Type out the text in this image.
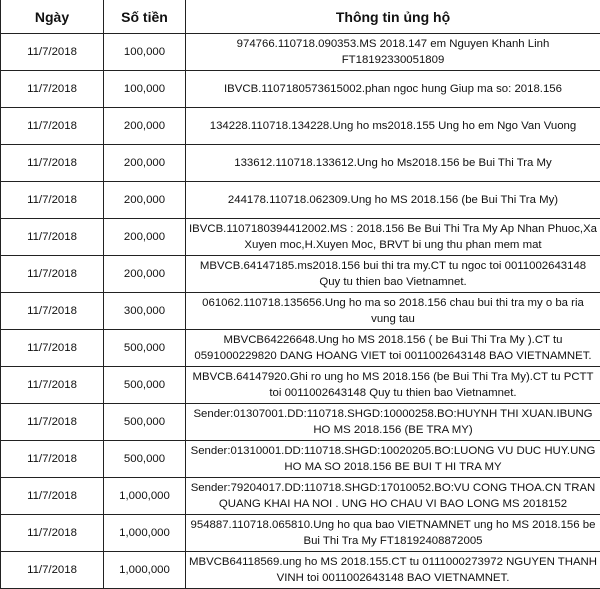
Ngày	Số tiền	Thông tin ủng hộ
11/7/2018	100,000	974766.110718.090353.MS 2018.147 em Nguyen Khanh Linh FT18192330051809
11/7/2018	100,000	IBVCB.1107180573615002.phan ngoc hung Giup ma so: 2018.156
11/7/2018	200,000	134228.110718.134228.Ung ho ms2018.155 Ung ho em Ngo Van Vuong
11/7/2018	200,000	133612.110718.133612.Ung ho Ms2018.156 be Bui Thi Tra My
11/7/2018	200,000	244178.110718.062309.Ung ho MS 2018.156 (be Bui Thi Tra My)
11/7/2018	200,000	IBVCB.1107180394412002.MS : 2018.156 Be Bui Thi Tra My Ap Nhan Phuoc,Xa Xuyen moc,H.Xuyen Moc, BRVT bi ung thu phan mem mat
11/7/2018	200,000	MBVCB.64147185.ms2018.156 bui thi tra my.CT tu ngoc toi 0011002643148 Quy tu thien bao Vietnamnet.
11/7/2018	300,000	061062.110718.135656.Ung ho ma so 2018.156 chau bui thi tra my o ba ria vung tau
11/7/2018	500,000	MBVCB64226648.Ung ho MS 2018.156 ( be Bui Thi Tra My ).CT tu 0591000229820 DANG HOANG VIET toi 0011002643148 BAO VIETNAMNET.
11/7/2018	500,000	MBVCB.64147920.Ghi ro ung ho MS 2018.156 (be Bui Thi Tra My).CT tu PCTT toi 0011002643148 Quy tu thien bao Vietnamnet.
11/7/2018	500,000	Sender:01307001.DD:110718.SHGD:10000258.BO:HUYNH THI XUAN.IBUNG HO MS 2018.156 (BE TRA MY)
11/7/2018	500,000	Sender:01310001.DD:110718.SHGD:10020205.BO:LUONG VU DUC HUY.UNG HO MA SO 2018.156 BE BUI T HI TRA MY
11/7/2018	1,000,000	Sender:79204017.DD:110718.SHGD:17010052.BO:VU CONG THOA.CN TRAN QUANG KHAI HA NOI . UNG HO CHAU VI BAO LONG MS 2018152
11/7/2018	1,000,000	954887.110718.065810.Ung ho qua bao VIETNAMNET ung ho MS 2018.156 be Bui Thi Tra My FT18192408872005
11/7/2018	1,000,000	MBVCB64118569.ung ho MS 2018.155.CT tu 0111000273972 NGUYEN THANH VINH toi 0011002643148 BAO VIETNAMNET.
